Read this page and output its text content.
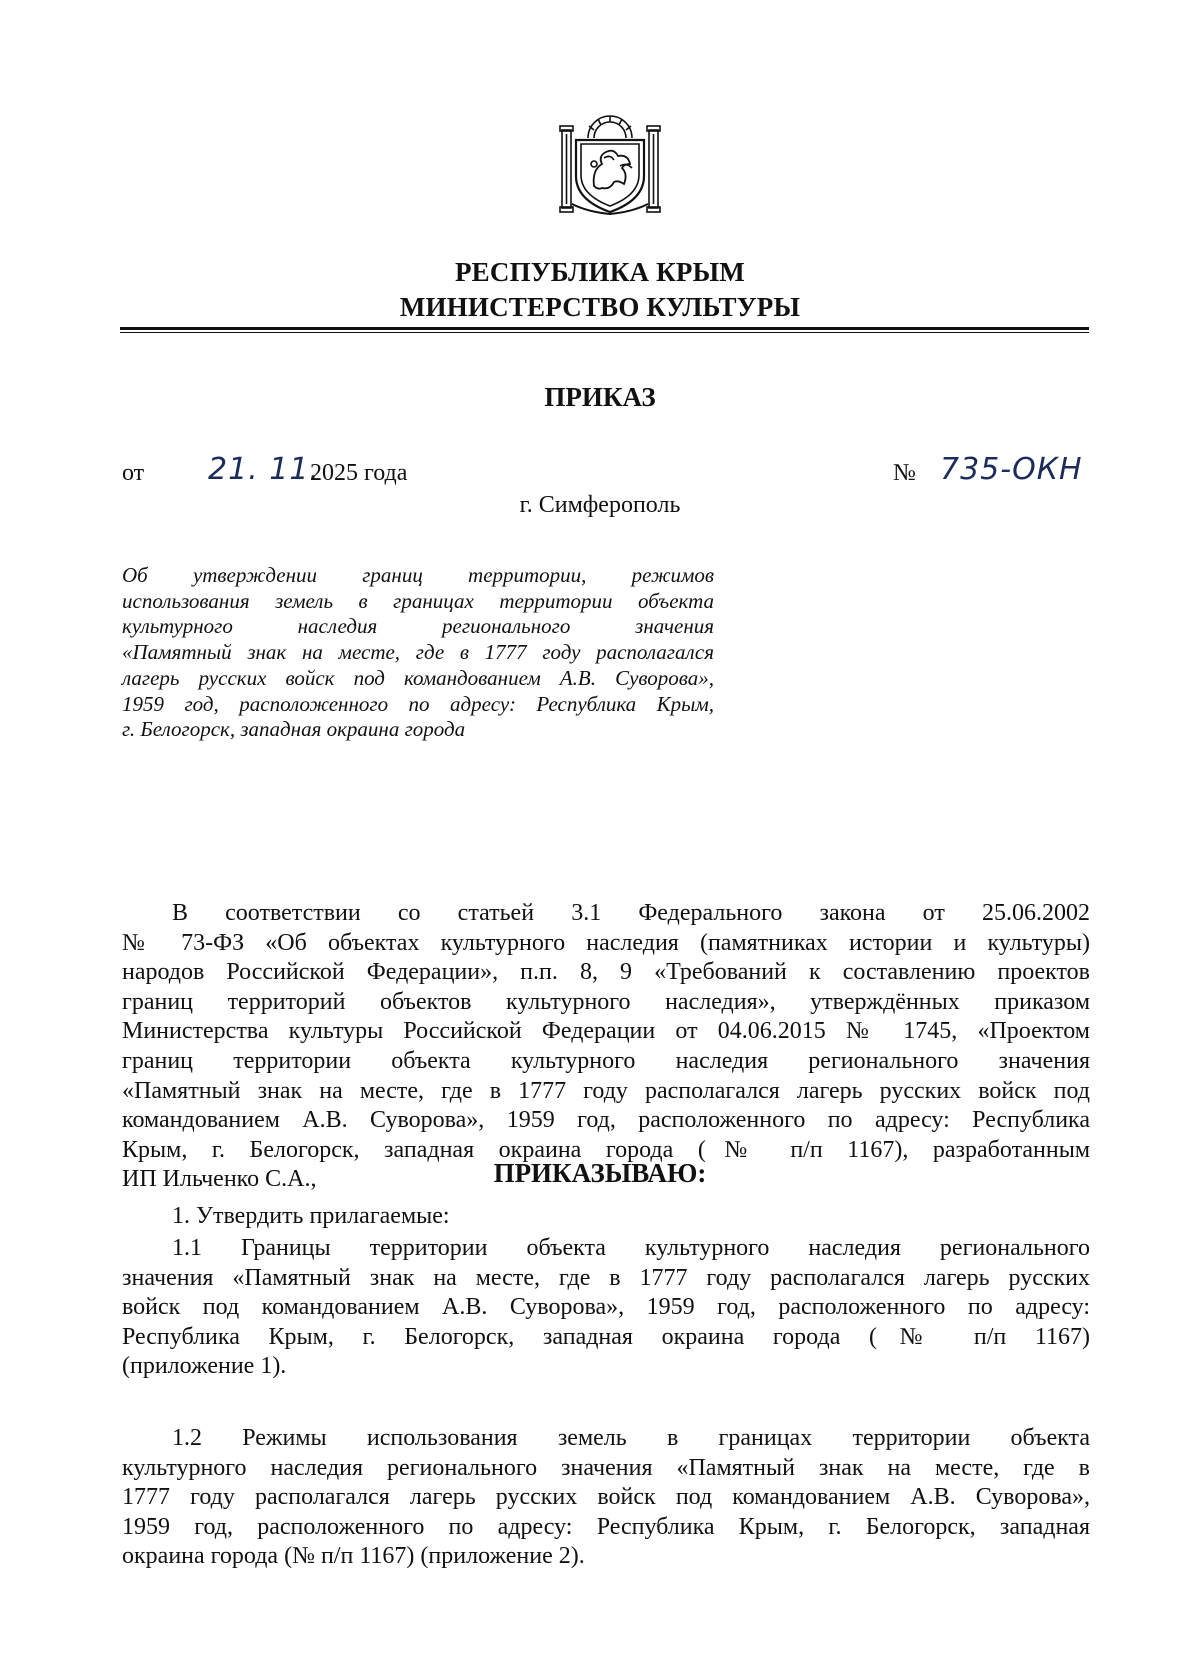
РЕСПУБЛИКА КРЫМ
МИНИСТЕРСТВО КУЛЬТУРЫ
ПРИКАЗ
от 21. 11.
2025 года	№ 735-ОКН
г. Симферополь
Об утверждении границ территории, режимов
использования земель в границах территории объекта
культурного наследия регионального значения
«Памятный знак на месте, где в 1777 году располагался
лагерь русских войск под командованием А.В. Суворова»,
1959 год, расположенного по адресу: Республика Крым,
г. Белогорск, западная окраина города
В соответствии со статьей 3.1 Федерального закона от 25.06.2002
№ 73-ФЗ «Об объектах культурного наследия (памятниках истории и культуры)
народов Российской Федерации», п.п. 8, 9 «Требований к составлению проектов
границ территорий объектов культурного наследия», утверждённых приказом
Министерства культуры Российской Федерации от 04.06.2015 № 1745, «Проектом
границ территории объекта культурного наследия регионального значения
«Памятный знак на месте, где в 1777 году располагался лагерь русских войск под
командованием А.В. Суворова», 1959 год, расположенного по адресу: Республика
Крым, г. Белогорск, западная окраина города (№ п/п 1167), разработанным
ИП Ильченко С.А.,	ПРИКАЗЫВАЮ:
1. Утвердить прилагаемые:
1.1 Границы территории объекта культурного наследия регионального
значения «Памятный знак на месте, где в 1777 году располагался лагерь русских
войск под командованием А.В. Суворова», 1959 год, расположенного по адресу:
Республика Крым, г. Белогорск, западная окраина города (№ п/п 1167)
(приложение 1).
1.2 Режимы использования земель в границах территории объекта
культурного наследия регионального значения «Памятный знак на месте, где в
1777 году располагался лагерь русских войск под командованием А.В. Суворова»,
1959 год, расположенного по адресу: Республика Крым, г. Белогорск, западная
окраина города (№ п/п 1167) (приложение 2).
